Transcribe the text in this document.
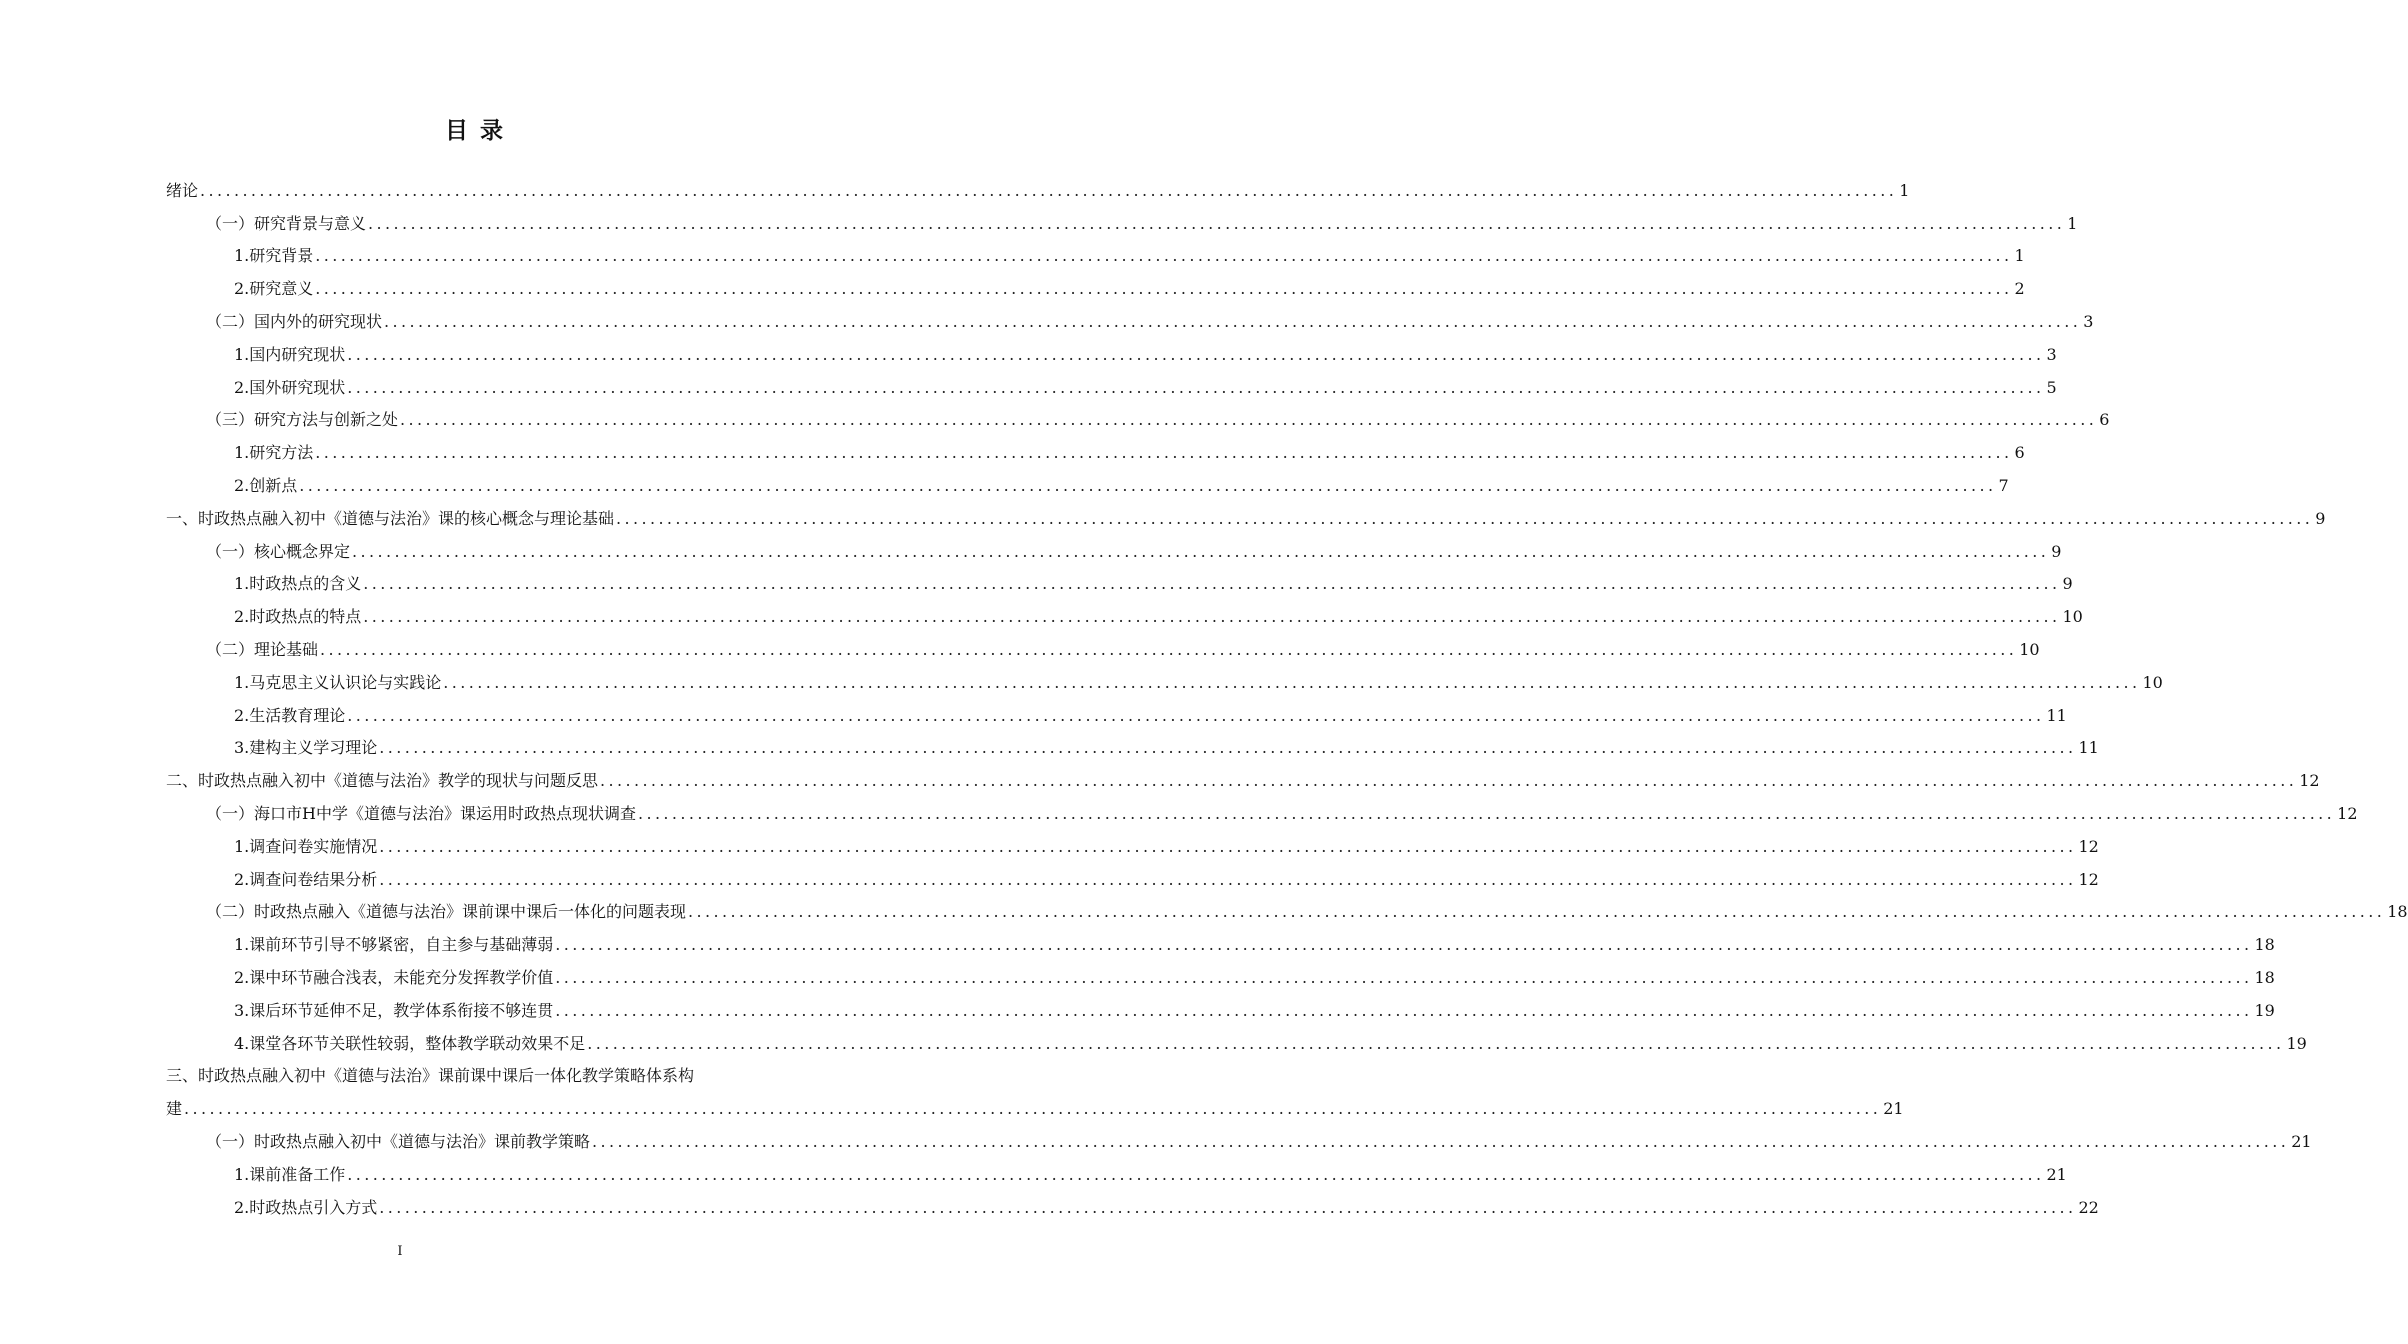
目 录
绪论 ........................................................................................................................................................................................................ 1
（一）研究背景与意义 ........................................................................................................................................................................................................ 1
1.研究背景 ........................................................................................................................................................................................................ 1
2.研究意义 ........................................................................................................................................................................................................ 2
（二）国内外的研究现状 ........................................................................................................................................................................................................ 3
1.国内研究现状 ........................................................................................................................................................................................................ 3
2.国外研究现状 ........................................................................................................................................................................................................ 5
（三）研究方法与创新之处 ........................................................................................................................................................................................................ 6
1.研究方法 ........................................................................................................................................................................................................ 6
2.创新点 ........................................................................................................................................................................................................ 7
一、时政热点融入初中《道德与法治》课的核心概念与理论基础 ........................................................................................................................................................................................................ 9
（一）核心概念界定 ........................................................................................................................................................................................................ 9
1.时政热点的含义 ........................................................................................................................................................................................................ 9
2.时政热点的特点 ........................................................................................................................................................................................................ 10
（二）理论基础 ........................................................................................................................................................................................................ 10
1.马克思主义认识论与实践论 ........................................................................................................................................................................................................ 10
2.生活教育理论 ........................................................................................................................................................................................................ 11
3.建构主义学习理论 ........................................................................................................................................................................................................ 11
二、时政热点融入初中《道德与法治》教学的现状与问题反思 ........................................................................................................................................................................................................ 12
（一）海口市H中学《道德与法治》课运用时政热点现状调查 ........................................................................................................................................................................................................ 12
1.调查问卷实施情况 ........................................................................................................................................................................................................ 12
2.调查问卷结果分析 ........................................................................................................................................................................................................ 12
（二）时政热点融入《道德与法治》课前课中课后一体化的问题表现 ........................................................................................................................................................................................................ 18
1.课前环节引导不够紧密，自主参与基础薄弱 ........................................................................................................................................................................................................ 18
2.课中环节融合浅表，未能充分发挥教学价值 ........................................................................................................................................................................................................ 18
3.课后环节延伸不足，教学体系衔接不够连贯 ........................................................................................................................................................................................................ 19
4.课堂各环节关联性较弱，整体教学联动效果不足 ........................................................................................................................................................................................................ 19
三、时政热点融入初中《道德与法治》课前课中课后一体化教学策略体系构
建 ........................................................................................................................................................................................................ 21
（一）时政热点融入初中《道德与法治》课前教学策略 ........................................................................................................................................................................................................ 21
1.课前准备工作 ........................................................................................................................................................................................................ 21
2.时政热点引入方式 ........................................................................................................................................................................................................ 22
I
